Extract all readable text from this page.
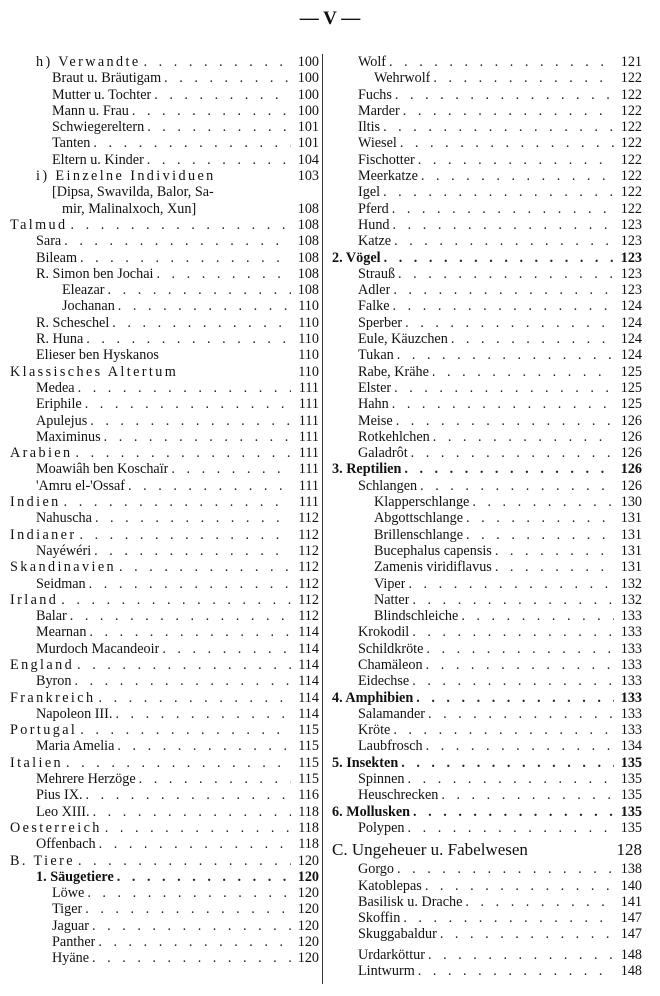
— V —
h) Verwandte . . .	100
Braut u. Bräutigam . . .	100
Mutter u. Tochter . . .	100
Mann u. Frau . . .	100
Schwiegereltern . . .	101
Tanten . . .	101
Eltern u. Kinder . . .	104
i) Einzelne Individuen	103
[Dipsa, Swavilda, Balor, Sa-
mir, Malinalxoch, Xun]	108
Talmud . . .	108
Sara . . .	108
Bileam . . .	108
R. Simon ben Jochai . . .	108
Eleazar . . .	108
Jochanan . . .	110
R. Scheschel . . .	110
R. Huna . . .	110
Elieser ben Hyskanos	110
Klassisches Altertum	110
Medea . . .	111
Eriphile . . .	111
Apulejus . . .	111
Maximinus . . .	111
Arabien . . .	111
Moawiâh ben Koschaïr . . .	111
'Amru el-'Ossaf . . .	111
Indien . . .	111
Nahuscha . . .	112
Indianer . . .	112
Nayéwéri . . .	112
Skandinavien . . .	112
Seidman . . .	112
Irland . . .	112
Balar . . .	112
Mearnan . . .	114
Murdoch Macandeoir . . .	114
England . . .	114
Byron . . .	114
Frankreich . . .	114
Napoleon III. . . .	114
Portugal . . .	115
Maria Amelia . . .	115
Italien . . .	115
Mehrere Herzöge . . .	115
Pius IX. . . .	116
Leo XIII. . . .	118
Oesterreich . . .	118
Offenbach . . .	118
B. Tiere . . .	120
1. Säugetiere . . .	120
Löwe . . .	120
Tiger . . .	120
Jaguar . . .	120
Panther . . .	120
Hyäne . . .	120
Wolf . . .	121
Wehrwolf . . .	122
Fuchs . . .	122
Marder . . .	122
Iltis . . .	122
Wiesel . . .	122
Fischotter . . .	122
Meerkatze . . .	122
Igel . . .	122
Pferd . . .	122
Hund . . .	123
Katze . . .	123
2. Vögel . . .	123
Strauß . . .	123
Adler . . .	123
Falke . . .	124
Sperber . . .	124
Eule, Käuzchen . . .	124
Tukan . . .	124
Rabe, Krähe . . .	125
Elster . . .	125
Hahn . . .	125
Meise . . .	126
Rotkehlchen . . .	126
Galadrôt . . .	126
3. Reptilien . . .	126
Schlangen . . .	126
Klapperschlange . . .	130
Abgottschlange . . .	131
Brillenschlange . . .	131
Bucephalus capensis . . .	131
Zamenis viridiflavus . . .	131
Viper . . .	132
Natter . . .	132
Blindschleiche . . .	133
Krokodil . . .	133
Schildkröte . . .	133
Chamäleon . . .	133
Eidechse . . .	133
4. Amphibien . . .	133
Salamander . . .	133
Kröte . . .	133
Laubfrosch . . .	134
5. Insekten . . .	135
Spinnen . . .	135
Heuschrecken . . .	135
6. Mollusken . . .	135
Polypen . . .	135
C. Ungeheuer u. Fabelwesen	128
Gorgo . . .	138
Katoblepas . . .	140
Basilisk u. Drache . . .	141
Skoffin . . .	147
Skuggabaldur . . .	147
Urdarköttur . . .	148
Lintwurm . . .	148
